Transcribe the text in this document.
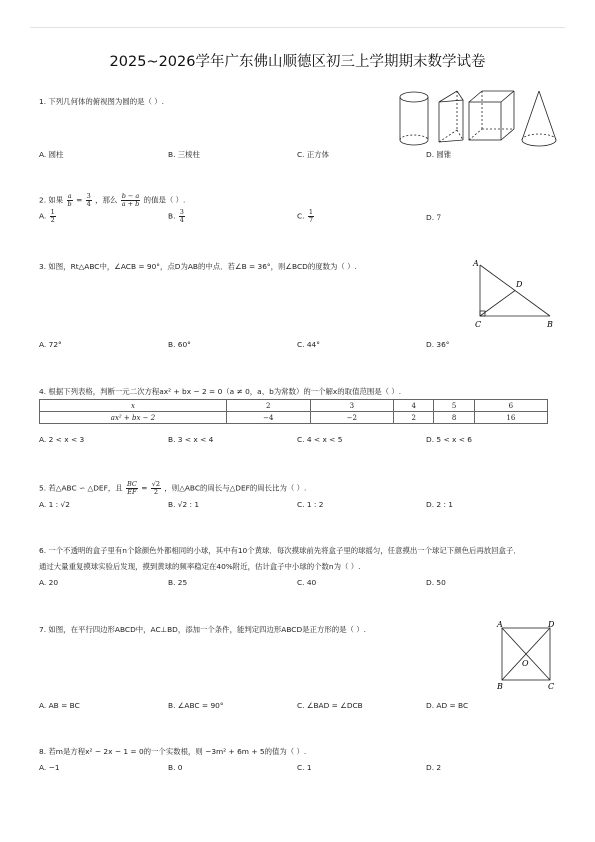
2025~2026学年广东佛山顺德区初三上学期期末数学试卷
1. 下列几何体的俯视图为圆的是（ ）.
A. 圆柱	B. 三棱柱	C. 正方体	D. 圆锥
2. 如果 $\frac{a}{b} = \frac{3}{4}$ ，那么 $\frac{b - a}{a + b}$ 的值是（ ）.
A. $\frac{1}{2}$	B. $\frac{3}{4}$	C. $\frac{1}{7}$	D. 7
3. 如图，Rt△ABC中，∠ACB = 90°，点D为AB的中点．若∠B = 36°，则∠BCD的度数为（ ）.	A
D
C	B
A. 72°	B. 60°	C. 44°	D. 36°
4. 根据下列表格，判断一元二次方程ax² + bx − 2 = 0（a ≠ 0，a、b为常数）的一个解x的取值范围是（ ）.
x	2	3	4	5	6
ax² + bx − 2	−4	−2	2	8	16
A. 2 < x < 3	B. 3 < x < 4	C. 4 < x < 5	D. 5 < x < 6
5. 若△ABC ∽ △DEF，且 $\frac{BC}{EF} = \frac{√2}{2}$ ，则△ABC的周长与△DEF的周长比为（ ）.
A. 1 : √2	B. √2 : 1	C. 1 : 2	D. 2 : 1
6. 一个不透明的盒子里有n个除颜色外都相同的小球，其中有10个黄球．每次摸球前先将盒子里的球摇匀，任意摸出一个球记下颜色后再放回盒子．
通过大量重复摸球实验后发现，摸到黄球的频率稳定在40%附近，估计盒子中小球的个数n为（ ）.
A. 20	B. 25	C. 40	D. 50
7. 如图，在平行四边形ABCD中，AC⊥BD，添加一个条件，能判定四边形ABCD是正方形的是（ ）.
A	D
O
B	C
A. AB = BC	B. ∠ABC = 90°	C. ∠BAD = ∠DCB	D. AD = BC
8. 若m是方程x² − 2x − 1 = 0的一个实数根，则 −3m² + 6m + 5的值为（ ）.
A. −1	B. 0	C. 1	D. 2
